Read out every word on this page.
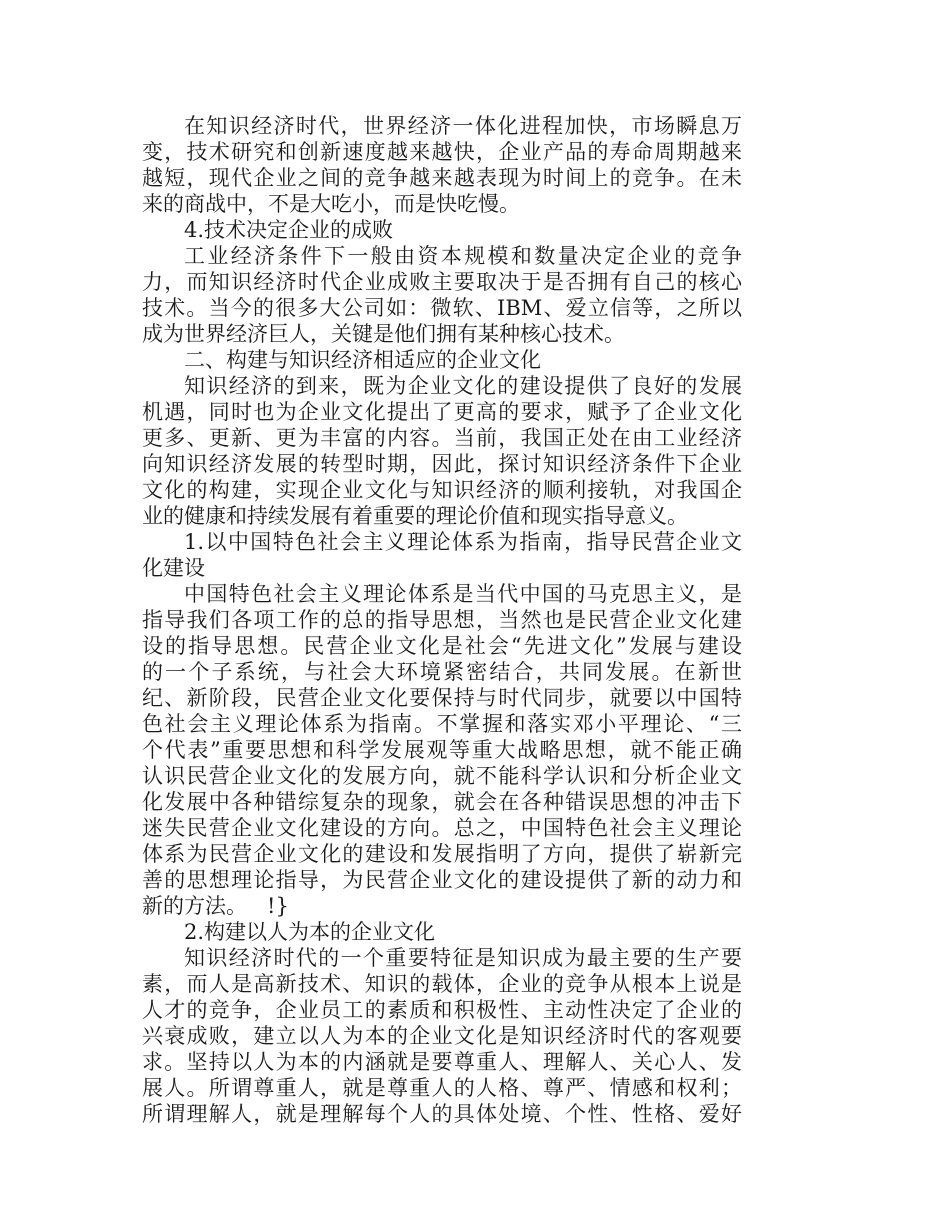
在知识经济时代，世界经济一体化进程加快，市场瞬息万

变，技术研究和创新速度越来越快，企业产品的寿命周期越来

越短，现代企业之间的竞争越来越表现为时间上的竞争。在未

来的商战中，不是大吃小，而是快吃慢。

4.技术决定企业的成败

工业经济条件下一般由资本规模和数量决定企业的竞争

力，而知识经济时代企业成败主要取决于是否拥有自己的核心

技术。当今的很多大公司如：微软、IBM、爱立信等，之所以

成为世界经济巨人，关键是他们拥有某种核心技术。

二、构建与知识经济相适应的企业文化

知识经济的到来，既为企业文化的建设提供了良好的发展

机遇，同时也为企业文化提出了更高的要求，赋予了企业文化

更多、更新、更为丰富的内容。当前，我国正处在由工业经济

向知识经济发展的转型时期，因此，探讨知识经济条件下企业

文化的构建，实现企业文化与知识经济的顺利接轨，对我国企

业的健康和持续发展有着重要的理论价值和现实指导意义。

1.以中国特色社会主义理论体系为指南，指导民营企业文

化建设

中国特色社会主义理论体系是当代中国的马克思主义，是

指导我们各项工作的总的指导思想，当然也是民营企业文化建

设的指导思想。民营企业文化是社会“先进文化”发展与建设

的一个子系统，与社会大环境紧密结合，共同发展。在新世

纪、新阶段，民营企业文化要保持与时代同步，就要以中国特

色社会主义理论体系为指南。不掌握和落实邓小平理论、“三

个代表”重要思想和科学发展观等重大战略思想，就不能正确

认识民营企业文化的发展方向，就不能科学认识和分析企业文

化发展中各种错综复杂的现象，就会在各种错误思想的冲击下

迷失民营企业文化建设的方向。总之，中国特色社会主义理论

体系为民营企业文化的建设和发展指明了方向，提供了崭新完

善的思想理论指导，为民营企业文化的建设提供了新的动力和

新的方法。   !}

2.构建以人为本的企业文化

知识经济时代的一个重要特征是知识成为最主要的生产要

素，而人是高新技术、知识的载体，企业的竞争从根本上说是

人才的竞争，企业员工的素质和积极性、主动性决定了企业的

兴衰成败，建立以人为本的企业文化是知识经济时代的客观要

求。坚持以人为本的内涵就是要尊重人、理解人、关心人、发

展人。所谓尊重人，就是尊重人的人格、尊严、情感和权利；

所谓理解人，就是理解每个人的具体处境、个性、性格、爱好
